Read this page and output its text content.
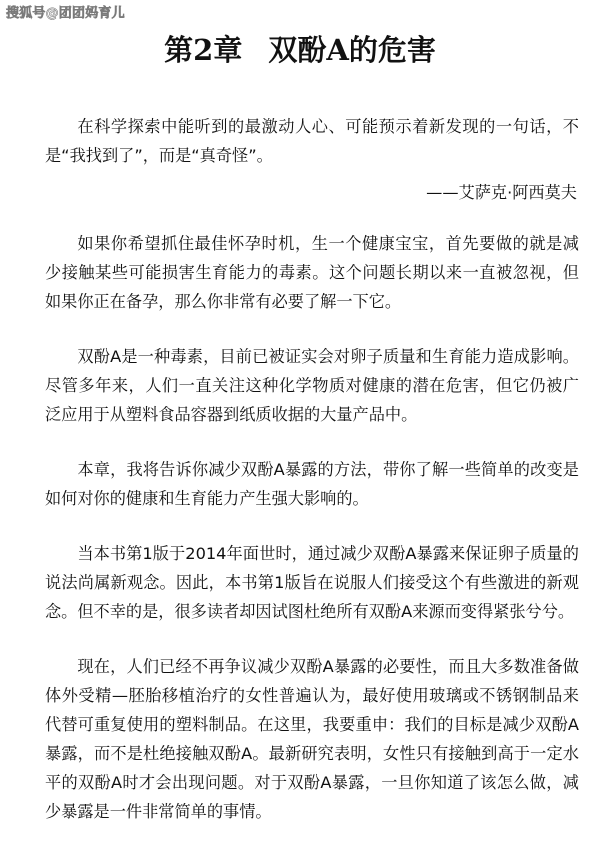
搜狐号@团团妈育儿
第2章 双酚A的危害
在科学探索中能听到的最激动人心、可能预示着新发现的一句话，不是“我找到了”，而是“真奇怪”。
——艾萨克·阿西莫夫

如果你希望抓住最佳怀孕时机，生一个健康宝宝，首先要做的就是减少接触某些可能损害生育能力的毒素。这个问题长期以来一直被忽视，但如果你正在备孕，那么你非常有必要了解一下它。

双酚A是一种毒素，目前已被证实会对卵子质量和生育能力造成影响。尽管多年来，人们一直关注这种化学物质对健康的潜在危害，但它仍被广泛应用于从塑料食品容器到纸质收据的大量产品中。

本章，我将告诉你减少双酚A暴露的方法，带你了解一些简单的改变是如何对你的健康和生育能力产生强大影响的。

当本书第1版于2014年面世时，通过减少双酚A暴露来保证卵子质量的说法尚属新观念。因此，本书第1版旨在说服人们接受这个有些激进的新观念。但不幸的是，很多读者却因试图杜绝所有双酚A来源而变得紧张兮兮。

现在，人们已经不再争议减少双酚A暴露的必要性，而且大多数准备做体外受精—胚胎移植治疗的女性普遍认为，最好使用玻璃或不锈钢制品来代替可重复使用的塑料制品。在这里，我要重申：我们的目标是减少双酚A暴露，而不是杜绝接触双酚A。最新研究表明，女性只有接触到高于一定水平的双酚A时才会出现问题。对于双酚A暴露，一旦你知道了该怎么做，减少暴露是一件非常简单的事情。
